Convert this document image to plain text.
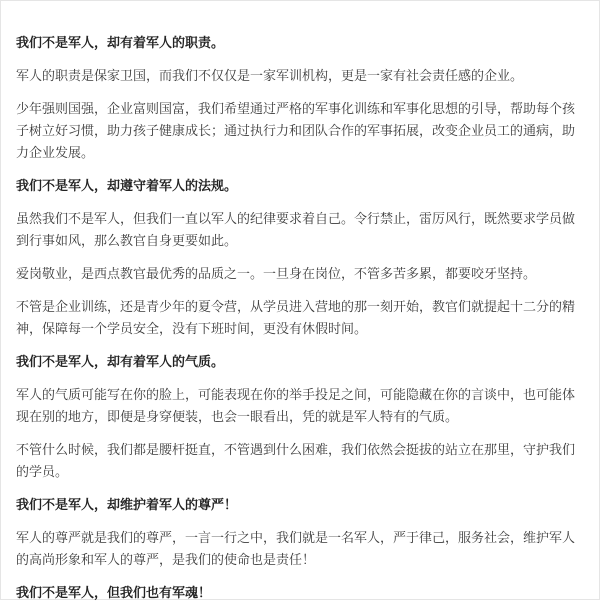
我们不是军人，却有着军人的职责。
军人的职责是保家卫国，而我们不仅仅是一家军训机构，更是一家有社会责任感的企业。
少年强则国强，企业富则国富，我们希望通过严格的军事化训练和军事化思想的引导，帮助每个孩子树立好习惯，助力孩子健康成长；通过执行力和团队合作的军事拓展，改变企业员工的通病，助力企业发展。
我们不是军人，却遵守着军人的法规。
虽然我们不是军人，但我们一直以军人的纪律要求着自己。令行禁止，雷厉风行，既然要求学员做到行事如风，那么教官自身更要如此。
爱岗敬业，是西点教官最优秀的品质之一。一旦身在岗位，不管多苦多累，都要咬牙坚持。
不管是企业训练，还是青少年的夏令营，从学员进入营地的那一刻开始，教官们就提起十二分的精神，保障每一个学员安全，没有下班时间，更没有休假时间。
我们不是军人，却有着军人的气质。
军人的气质可能写在你的脸上，可能表现在你的举手投足之间，可能隐藏在你的言谈中，也可能体现在别的地方，即便是身穿便装，也会一眼看出，凭的就是军人特有的气质。
不管什么时候，我们都是腰杆挺直，不管遇到什么困难，我们依然会挺拔的站立在那里，守护我们的学员。
我们不是军人，却维护着军人的尊严！
军人的尊严就是我们的尊严，一言一行之中，我们就是一名军人，严于律己，服务社会，维护军人的高尚形象和军人的尊严，是我们的使命也是责任！
我们不是军人，但我们也有军魂！
